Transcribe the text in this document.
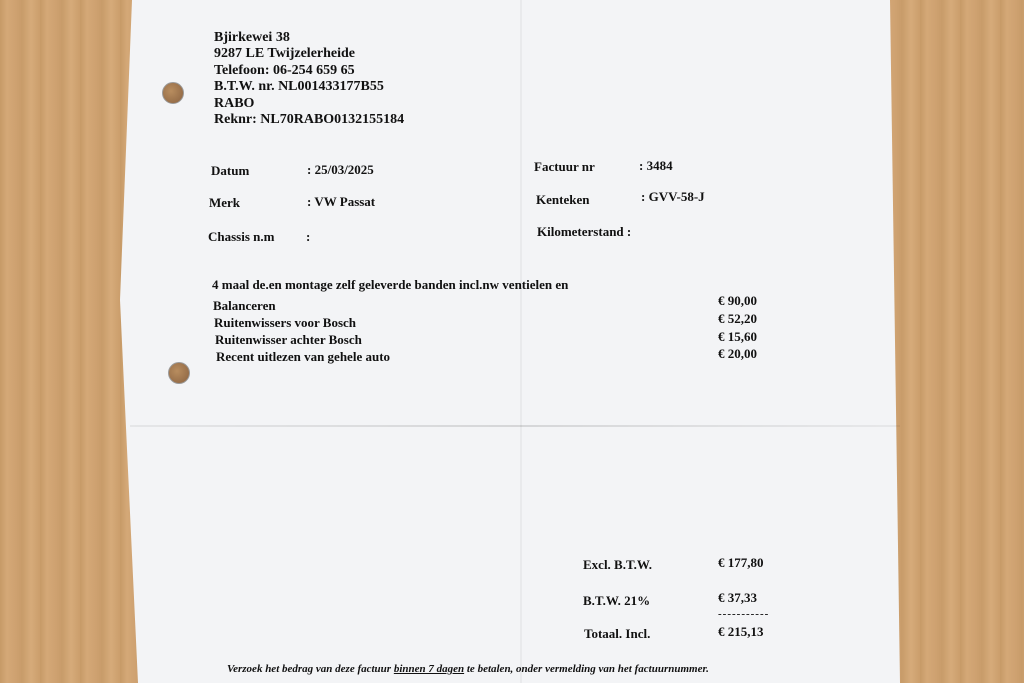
Bjirkewei 38
9287 LE Twijzelerheide
Telefoon: 06-254 659 65
B.T.W. nr. NL001433177B55
RABO
Reknr: NL70RABO0132155184
Datum	: 25/03/2025	Factuur nr	: 3484
Merk	: VW Passat	Kenteken	: GVV-58-J
Chassis n.m :	Kilometerstand :
4 maal de.en montage zelf geleverde banden incl.nw ventielen en
Balanceren	€ 90,00
Ruitenwissers voor Bosch	€ 52,20
Ruitenwisser achter Bosch	€ 15,60
Recent uitlezen van gehele auto	€ 20,00
Excl. B.T.W.	€ 177,80
B.T.W. 21%	€ 37,33
-----------
Totaal. Incl.	€ 215,13
Verzoek het bedrag van deze factuur binnen 7 dagen te betalen, onder vermelding van het factuurnummer.
